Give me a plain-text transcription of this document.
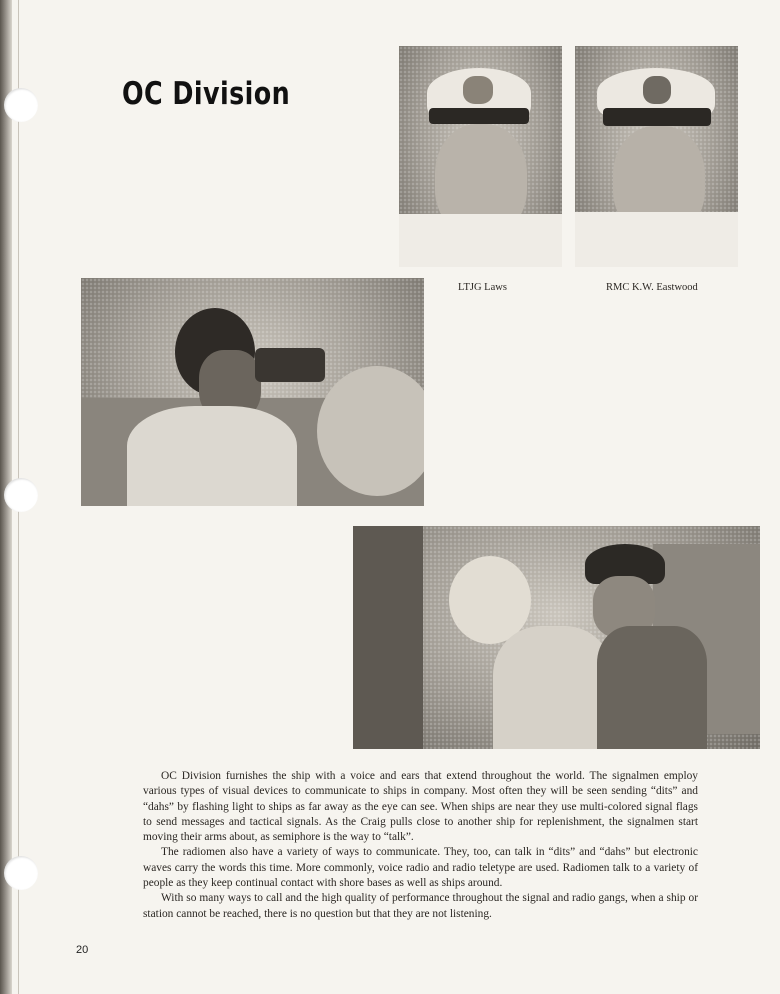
OC Division
LTJG Laws	RMC K.W. Eastwood

OC Division furnishes the ship with a voice and ears that extend throughout the world. The signalmen employ various types of visual devices to communicate to ships in company. Most often they will be seen sending “dits” and “dahs” by flashing light to ships as far away as the eye can see. When ships are near they use multi-colored signal flags to send messages and tactical signals. As the Craig pulls close to another ship for replenishment, the signalmen start moving their arms about, as semiphore is the way to “talk”.

The radiomen also have a variety of ways to communicate. They, too, can talk in “dits” and “dahs” but electronic waves carry the words this time. More commonly, voice radio and radio teletype are used. Radiomen talk to a variety of people as they keep continual contact with shore bases as well as ships around.

With so many ways to call and the high quality of performance throughout the signal and radio gangs, when a ship or station cannot be reached, there is no question but that they are not listening.

20
